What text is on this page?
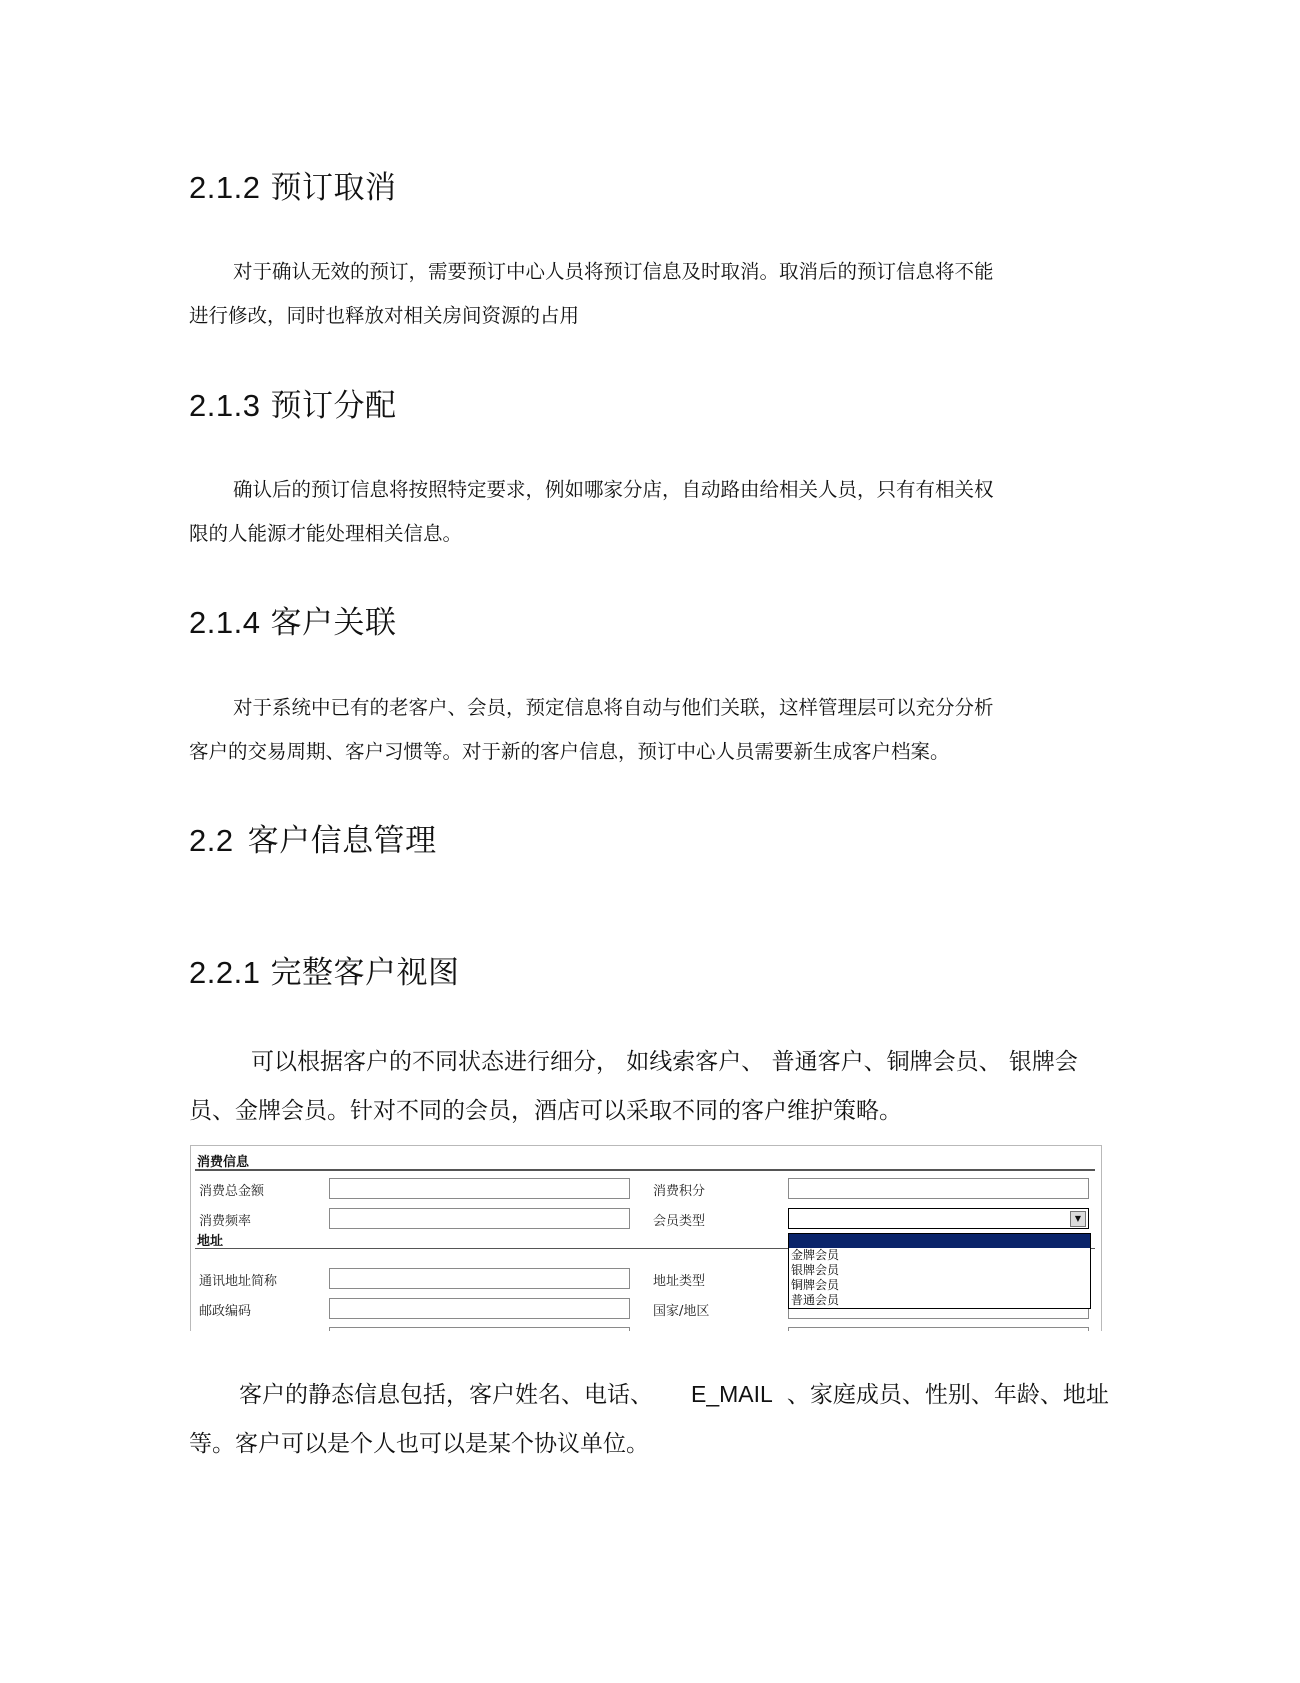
2.1.2 预订取消

对于确认无效的预订，需要预订中心人员将预订信息及时取消。取消后的预订信息将不能进行修改，同时也释放对相关房间资源的占用

2.1.3 预订分配

确认后的预订信息将按照特定要求，例如哪家分店，自动路由给相关人员，只有有相关权限的人能源才能处理相关信息。

2.1.4 客户关联

对于系统中已有的老客户、会员，预定信息将自动与他们关联，这样管理层可以充分分析客户的交易周期、客户习惯等。对于新的客户信息，预订中心人员需要新生成客户档案。

2.2 客户信息管理
2.2.1 完整客户视图

可以根据客户的不同状态进行细分， 如线索客户、 普通客户、铜牌会员、 银牌会员、金牌会员。针对不同的会员，酒店可以采取不同的客户维护策略。

消费信息
消费总金额	消费积分
消费频率	会员类型	▼
地址
通讯地址简称	地址类型
邮政编码	国家/地区
金牌会员
银牌会员
铜牌会员
普通会员

客户的静态信息包括，客户姓名、电话、 E_MAIL 、家庭成员、性别、年龄、地址等。客户可以是个人也可以是某个协议单位。
